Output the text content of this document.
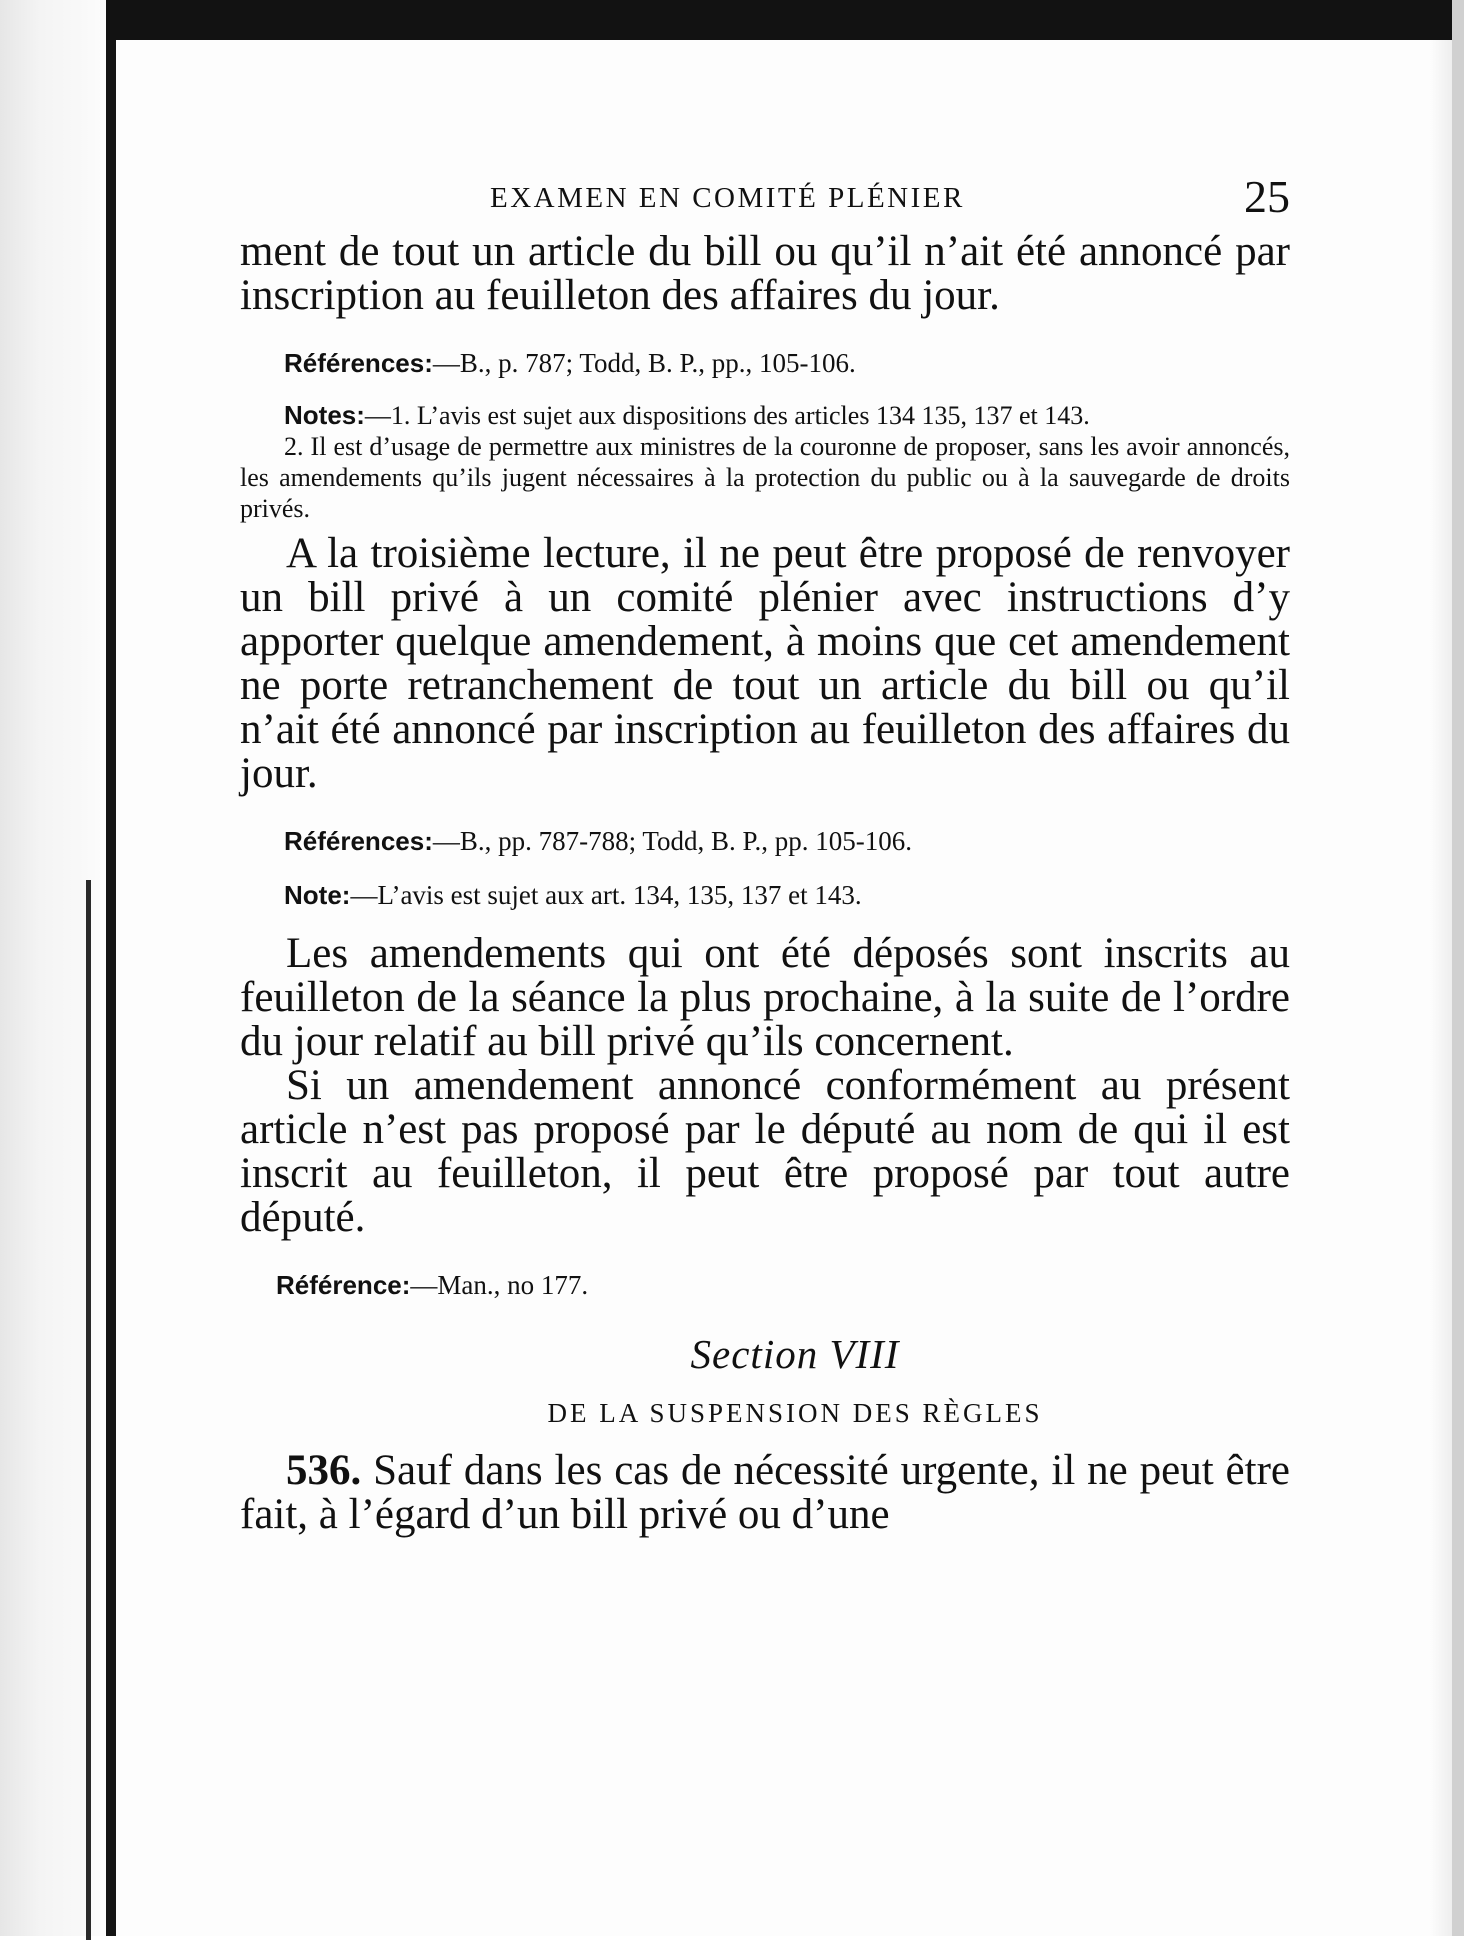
EXAMEN EN COMITÉ PLÉNIER	25

ment de tout un article du bill ou qu’il n’ait été annoncé par inscription au feuilleton des affaires du jour.

Références:—B., p. 787; Todd, B. P., pp., 105-106.

Notes:—1. L’avis est sujet aux dispositions des articles 134 135, 137 et 143.

2. Il est d’usage de permettre aux ministres de la couronne de proposer, sans les avoir annoncés, les amendements qu’ils jugent nécessaires à la protection du public ou à la sauvegarde de droits privés.

A la troisième lecture, il ne peut être proposé de renvoyer un bill privé à un comité plénier avec instructions d’y apporter quelque amendement, à moins que cet amendement ne porte retranchement de tout un article du bill ou qu’il n’ait été annoncé par inscription au feuilleton des affaires du jour.

Références:—B., pp. 787-788; Todd, B. P., pp. 105-106.

Note:—L’avis est sujet aux art. 134, 135, 137 et 143.

Les amendements qui ont été déposés sont inscrits au feuilleton de la séance la plus prochaine, à la suite de l’ordre du jour relatif au bill privé qu’ils concernent.

Si un amendement annoncé conformément au présent article n’est pas proposé par le député au nom de qui il est inscrit au feuilleton, il peut être proposé par tout autre député.

Référence:—Man., no 177.

Section VIII

DE LA SUSPENSION DES RÈGLES

536. Sauf dans les cas de nécessité urgente, il ne peut être fait, à l’égard d’un bill privé ou d’une
